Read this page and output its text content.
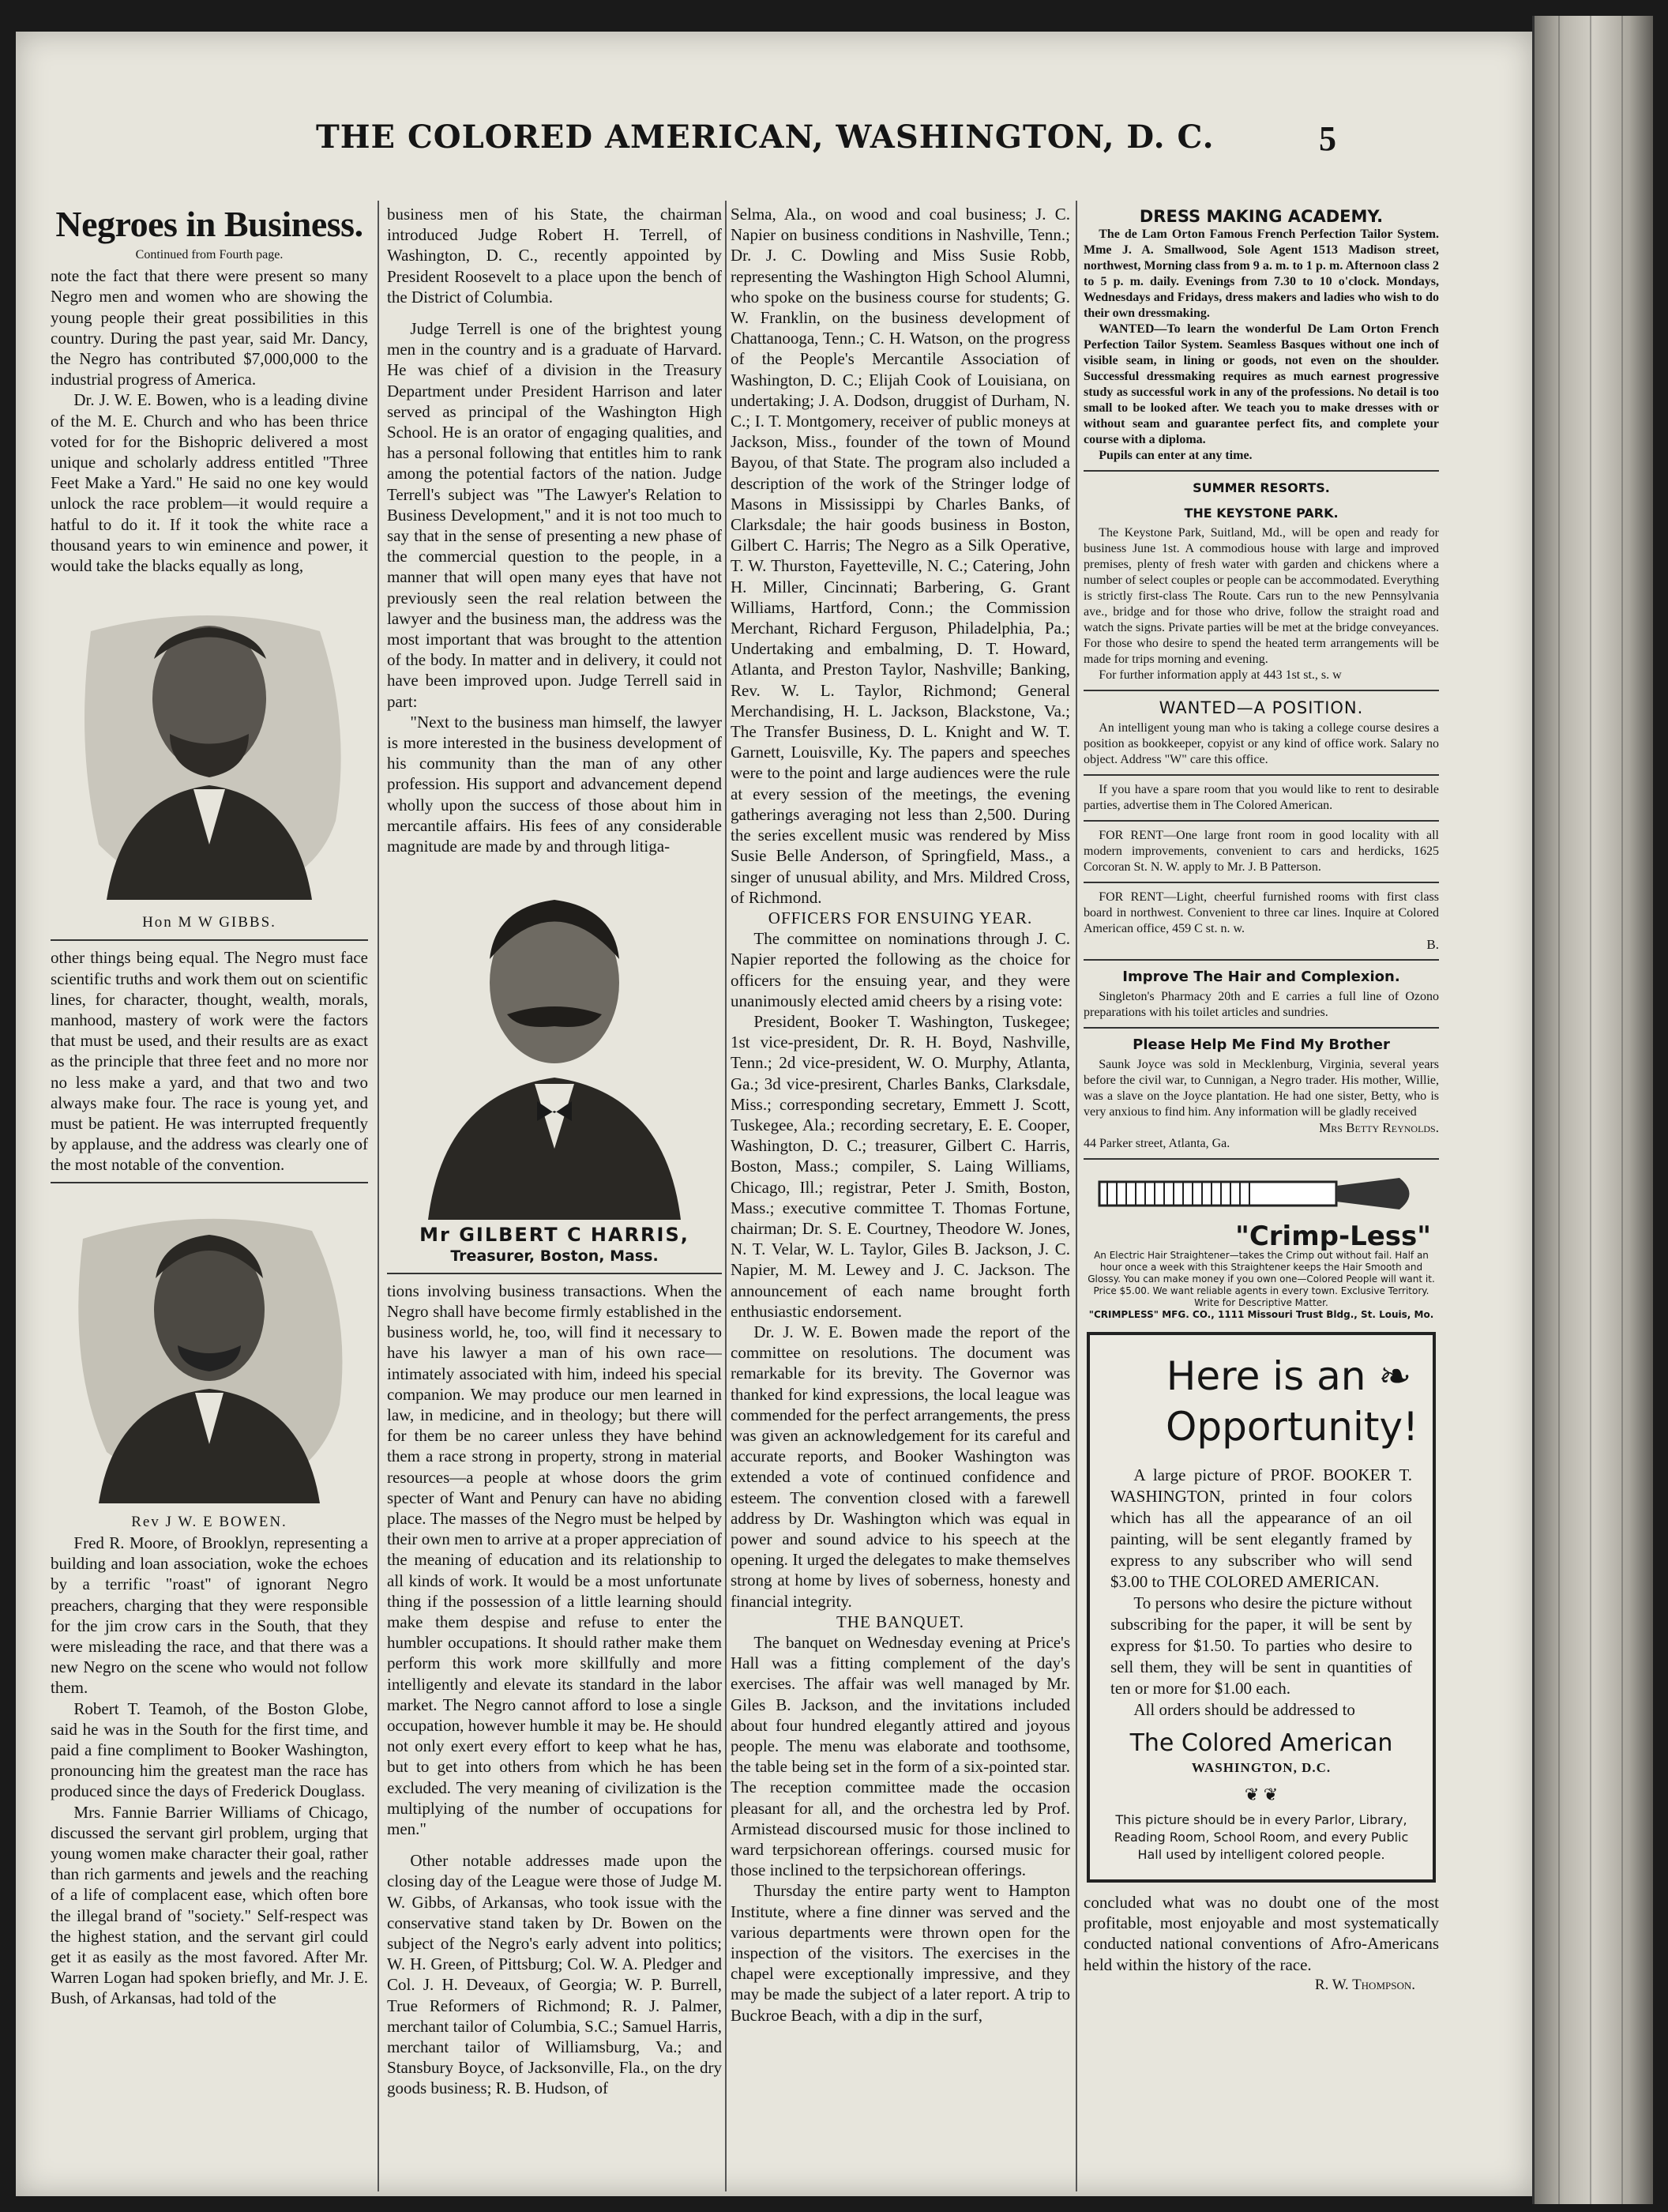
THE COLORED AMERICAN, WASHINGTON, D. C.	5

Negroes in Business.

Continued from Fourth page.

note the fact that there were present so many Negro men and women who are showing the young people their great possibilities in this country. During the past year, said Mr. Dancy, the Negro has contributed $7,000,000 to the industrial progress of America.

Dr. J. W. E. Bowen, who is a leading divine of the M. E. Church and who has been thrice voted for for the Bishopric delivered a most unique and scholarly address entitled "Three Feet Make a Yard." He said no one key would unlock the race problem—it would require a hatful to do it. If it took the white race a thousand years to win eminence and power, it would take the blacks equally as long,

Hon M W GIBBS.

other things being equal. The Negro must face scientific truths and work them out on scientific lines, for character, thought, wealth, morals, manhood, mastery of work were the factors that must be used, and their results are as exact as the principle that three feet and no more nor no less make a yard, and that two and two always make four. The race is young yet, and must be patient. He was interrupted frequently by applause, and the address was clearly one of the most notable of the convention.

Rev J W. E BOWEN.

Fred R. Moore, of Brooklyn, representing a building and loan association, woke the echoes by a terrific "roast" of ignorant Negro preachers, charging that they were responsible for the jim crow cars in the South, that they were misleading the race, and that there was a new Negro on the scene who would not follow them.

Robert T. Teamoh, of the Boston Globe, said he was in the South for the first time, and paid a fine compliment to Booker Washington, pronouncing him the greatest man the race has produced since the days of Frederick Douglass.

Mrs. Fannie Barrier Williams of Chicago, discussed the servant girl problem, urging that young women make character their goal, rather than rich garments and jewels and the reaching of a life of complacent ease, which often bore the illegal brand of "society." Self-respect was the highest station, and the servant girl could get it as easily as the most favored. After Mr. Warren Logan had spoken briefly, and Mr. J. E. Bush, of Arkansas, had told of the

business men of his State, the chairman introduced Judge Robert H. Terrell, of Washington, D. C., recently appointed by President Roosevelt to a place upon the bench of the District of Columbia.

Judge Terrell is one of the brightest young men in the country and is a graduate of Harvard. He was chief of a division in the Treasury Department under President Harrison and later served as principal of the Washington High School. He is an orator of engaging qualities, and has a personal following that entitles him to rank among the potential factors of the nation. Judge Terrell's subject was "The Lawyer's Relation to Business Development," and it is not too much to say that in the sense of presenting a new phase of the commercial question to the people, in a manner that will open many eyes that have not previously seen the real relation between the lawyer and the business man, the address was the most important that was brought to the attention of the body. In matter and in delivery, it could not have been improved upon. Judge Terrell said in part:

"Next to the business man himself, the lawyer is more interested in the business development of his community than the man of any other profession. His support and advancement depend wholly upon the success of those about him in mercantile affairs. His fees of any considerable magnitude are made by and through litiga-

Mr GILBERT C HARRIS,

Treasurer, Boston, Mass.

tions involving business transactions. When the Negro shall have become firmly established in the business world, he, too, will find it necessary to have his lawyer a man of his own race—intimately associated with him, indeed his special companion. We may produce our men learned in law, in medicine, and in theology; but there will for them be no career unless they have behind them a race strong in property, strong in material resources—a people at whose doors the grim specter of Want and Penury can have no abiding place. The masses of the Negro must be helped by their own men to arrive at a proper appreciation of the meaning of education and its relationship to all kinds of work. It would be a most unfortunate thing if the possession of a little learning should make them despise and refuse to enter the humbler occupations. It should rather make them perform this work more skillfully and more intelligently and elevate its standard in the labor market. The Negro cannot afford to lose a single occupation, however humble it may be. He should not only exert every effort to keep what he has, but to get into others from which he has been excluded. The very meaning of civilization is the multiplying of the number of occupations for men."

Other notable addresses made upon the closing day of the League were those of Judge M. W. Gibbs, of Arkansas, who took issue with the conservative stand taken by Dr. Bowen on the subject of the Negro's early advent into politics; W. H. Green, of Pittsburg; Col. W. A. Pledger and Col. J. H. Deveaux, of Georgia; W. P. Burrell, True Reformers of Richmond; R. J. Palmer, merchant tailor of Columbia, S.C.; Samuel Harris, merchant tailor of Williamsburg, Va.; and Stansbury Boyce, of Jacksonville, Fla., on the dry goods business; R. B. Hudson, of

Selma, Ala., on wood and coal business; J. C. Napier on business conditions in Nashville, Tenn.; Dr. J. C. Dowling and Miss Susie Robb, representing the Washington High School Alumni, who spoke on the business course for students; G. W. Franklin, on the business development of Chattanooga, Tenn.; C. H. Watson, on the progress of the People's Mercantile Association of Washington, D. C.; Elijah Cook of Louisiana, on undertaking; J. A. Dodson, druggist of Durham, N. C.; I. T. Montgomery, receiver of public moneys at Jackson, Miss., founder of the town of Mound Bayou, of that State. The program also included a description of the work of the Stringer lodge of Masons in Mississippi by Charles Banks, of Clarksdale; the hair goods business in Boston, Gilbert C. Harris; The Negro as a Silk Operative, T. W. Thurston, Fayetteville, N. C.; Catering, John H. Miller, Cincinnati; Barbering, G. Grant Williams, Hartford, Conn.; the Commission Merchant, Richard Ferguson, Philadelphia, Pa.; Undertaking and embalming, D. T. Howard, Atlanta, and Preston Taylor, Nashville; Banking, Rev. W. L. Taylor, Richmond; General Merchandising, H. L. Jackson, Blackstone, Va.; The Transfer Business, D. L. Knight and W. T. Garnett, Louisville, Ky. The papers and speeches were to the point and large audiences were the rule at every session of the meetings, the evening gatherings averaging not less than 2,500. During the series excellent music was rendered by Miss Susie Belle Anderson, of Springfield, Mass., a singer of unusual ability, and Mrs. Mildred Cross, of Richmond.

OFFICERS FOR ENSUING YEAR.

The committee on nominations through J. C. Napier reported the following as the choice for officers for the ensuing year, and they were unanimously elected amid cheers by a rising vote:

President, Booker T. Washington, Tuskegee; 1st vice-president, Dr. R. H. Boyd, Nashville, Tenn.; 2d vice-president, W. O. Murphy, Atlanta, Ga.; 3d vice-presirent, Charles Banks, Clarksdale, Miss.; corresponding secretary, Emmett J. Scott, Tuskegee, Ala.; recording secretary, E. E. Cooper, Washington, D. C.; treasurer, Gilbert C. Harris, Boston, Mass.; compiler, S. Laing Williams, Chicago, Ill.; registrar, Peter J. Smith, Boston, Mass.; executive committee T. Thomas Fortune, chairman; Dr. S. E. Courtney, Theodore W. Jones, N. T. Velar, W. L. Taylor, Giles B. Jackson, J. C. Napier, M. M. Lewey and J. C. Jackson. The announcement of each name brought forth enthusiastic endorsement.

Dr. J. W. E. Bowen made the report of the committee on resolutions. The document was remarkable for its brevity. The Governor was thanked for kind expressions, the local league was commended for the perfect arrangements, the press was given an acknowledgement for its careful and accurate reports, and Booker Washington was extended a vote of continued confidence and esteem. The convention closed with a farewell address by Dr. Washington which was equal in power and sound advice to his speech at the opening. It urged the delegates to make themselves strong at home by lives of soberness, honesty and financial integrity.

THE BANQUET.

The banquet on Wednesday evening at Price's Hall was a fitting complement of the day's exercises. The affair was well managed by Mr. Giles B. Jackson, and the invitations included about four hundred elegantly attired and joyous people. The menu was elaborate and toothsome, the table being set in the form of a six-pointed star. The reception committee made the occasion pleasant for all, and the orchestra led by Prof. Armistead discoursed music for those inclined to ward terpsichorean offerings. coursed music for those inclined to the terpsichorean offerings.

Thursday the entire party went to Hampton Institute, where a fine dinner was served and the various departments were thrown open for the inspection of the visitors. The exercises in the chapel were exceptionally impressive, and they may be made the subject of a later report. A trip to Buckroe Beach, with a dip in the surf,

DRESS MAKING ACADEMY.

The de Lam Orton Famous French Perfection Tailor System. Mme J. A. Smallwood, Sole Agent 1513 Madison street, northwest, Morning class from 9 a. m. to 1 p. m. Afternoon class 2 to 5 p. m. daily. Evenings from 7.30 to 10 o'clock. Mondays, Wednesdays and Fridays, dress makers and ladies who wish to do their own dressmaking.

WANTED—To learn the wonderful De Lam Orton French Perfection Tailor System. Seamless Basques without one inch of visible seam, in lining or goods, not even on the shoulder. Successful dressmaking requires as much earnest progressive study as successful work in any of the professions. No detail is too small to be looked after. We teach you to make dresses with or without seam and guarantee perfect fits, and complete your course with a diploma.

Pupils can enter at any time.

SUMMER RESORTS.
THE KEYSTONE PARK.

The Keystone Park, Suitland, Md., will be open and ready for business June 1st. A commodious house with large and improved premises, plenty of fresh water with garden and chickens where a number of select couples or people can be accommodated. Everything is strictly first-class The Route. Cars run to the new Pennsylvania ave., bridge and for those who drive, follow the straight road and watch the signs. Private parties will be met at the bridge conveyances. For those who desire to spend the heated term arrangements will be made for trips morning and evening.

For further information apply at 443 1st st., s. w

WANTED—A POSITION.

An intelligent young man who is taking a college course desires a position as bookkeeper, copyist or any kind of office work. Salary no object. Address "W" care this office.

If you have a spare room that you would like to rent to desirable parties, advertise them in The Colored American.

FOR RENT—One large front room in good locality with all modern improvements, convenient to cars and herdicks, 1625 Corcoran St. N. W. apply to Mr. J. B Patterson.

FOR RENT—Light, cheerful furnished rooms with first class board in northwest. Convenient to three car lines. Inquire at Colored American office, 459 C st. n. w.

B.
Improve The Hair and Complexion.

Singleton's Pharmacy 20th and E carries a full line of Ozono preparations with his toilet articles and sundries.

Please Help Me Find My Brother

Saunk Joyce was sold in Mecklenburg, Virginia, several years before the civil war, to Cunnigan, a Negro trader. His mother, Willie, was a slave on the Joyce plantation. He had one sister, Betty, who is very anxious to find him. Any information will be gladly received

Mrs Betty Reynolds.

44 Parker street, Atlanta, Ga.

"Crimp-Less"
An Electric Hair Straightener—takes the Crimp out without fail. Half an hour once a week with this Straightener keeps the Hair Smooth and Glossy. You can make money if you own one—Colored People will want it. Price $5.00. We want reliable agents in every town. Exclusive Territory. Write for Descriptive Matter.
"CRIMPLESS" MFG. CO., 1111 Missouri Trust Bldg., St. Louis, Mo.

Here is an ❧

Opportunity!

A large picture of PROF. BOOKER T. WASHINGTON, printed in four colors which has all the appearance of an oil painting, will be sent elegantly framed by express to any subscriber who will send $3.00 to THE COLORED AMERICAN.

To persons who desire the picture without subscribing for the paper, it will be sent by express for $1.50. To parties who desire to sell them, they will be sent in quantities of ten or more for $1.00 each.

All orders should be addressed to

The Colored American
WASHINGTON, D.C.
❦ ❦
This picture should be in every Parlor, Library, Reading Room, School Room, and every Public Hall used by intelligent colored people.

concluded what was no doubt one of the most profitable, most enjoyable and most systematically conducted national conventions of Afro-Americans held within the history of the race.

R. W. Thompson.
